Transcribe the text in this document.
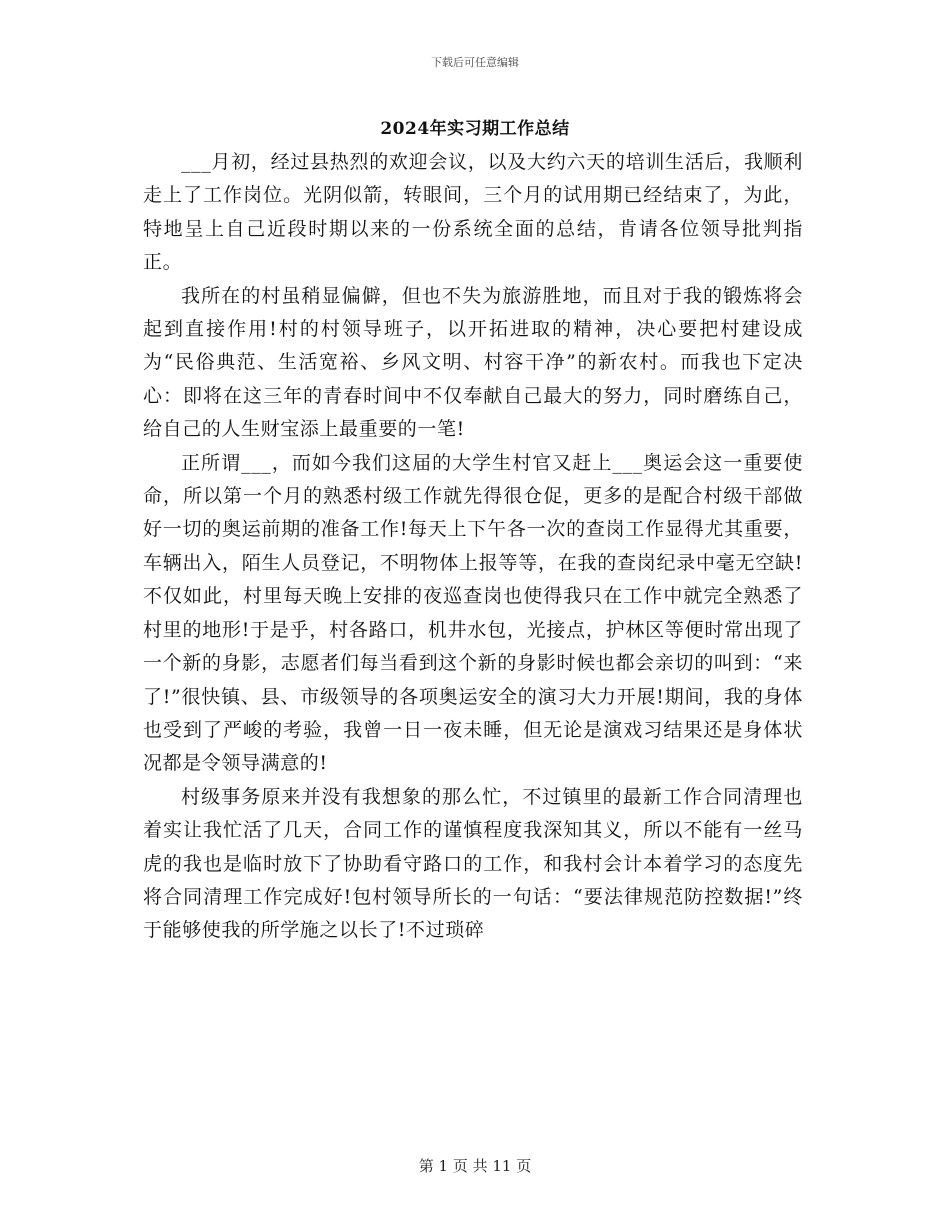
下载后可任意编辑
2024年实习期工作总结

___月初，经过县热烈的欢迎会议，以及大约六天的培训生活后，我顺利走上了工作岗位。光阴似箭，转眼间，三个月的试用期已经结束了，为此，特地呈上自己近段时期以来的一份系统全面的总结，肯请各位领导批判指正。

我所在的村虽稍显偏僻，但也不失为旅游胜地，而且对于我的锻炼将会起到直接作用!村的村领导班子，以开拓进取的精神，决心要把村建设成为“民俗典范、生活宽裕、乡风文明、村容干净”的新农村。而我也下定决心：即将在这三年的青春时间中不仅奉献自己最大的努力，同时磨练自己，给自己的人生财宝添上最重要的一笔!

正所谓___，而如今我们这届的大学生村官又赶上___奥运会这一重要使命，所以第一个月的熟悉村级工作就先得很仓促，更多的是配合村级干部做好一切的奥运前期的准备工作!每天上下午各一次的查岗工作显得尤其重要，车辆出入，陌生人员登记，不明物体上报等等，在我的查岗纪录中毫无空缺!不仅如此，村里每天晚上安排的夜巡查岗也使得我只在工作中就完全熟悉了村里的地形!于是乎，村各路口，机井水包，光接点，护林区等便时常出现了一个新的身影，志愿者们每当看到这个新的身影时候也都会亲切的叫到：“来了!”很快镇、县、市级领导的各项奥运安全的演习大力开展!期间，我的身体也受到了严峻的考验，我曾一日一夜未睡，但无论是演戏习结果还是身体状况都是令领导满意的!

村级事务原来并没有我想象的那么忙，不过镇里的最新工作合同清理也着实让我忙活了几天，合同工作的谨慎程度我深知其义，所以不能有一丝马虎的我也是临时放下了协助看守路口的工作，和我村会计本着学习的态度先将合同清理工作完成好!包村领导所长的一句话：“要法律规范防控数据!”终于能够使我的所学施之以长了!不过琐碎

第 1 页 共 11 页
